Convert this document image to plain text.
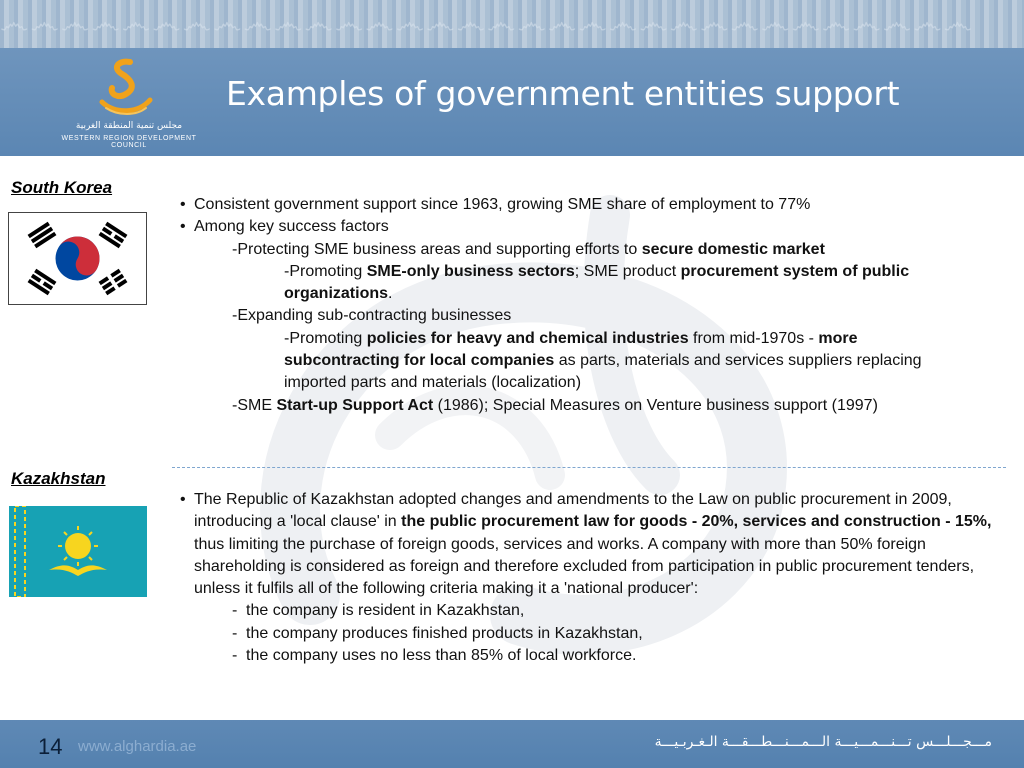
෴෴෴෴෴෴෴෴෴෴෴෴෴෴෴෴෴෴෴෴෴෴෴෴෴෴෴෴෴෴෴෴
مجلس تنمية المنطقة الغربية
WESTERN REGION DEVELOPMENT COUNCIL
Examples of government entities support
South Korea
• Consistent government support since 1963, growing SME share of employment to 77%
• Among key success factors
-Protecting SME business areas and supporting efforts to secure domestic market
-Promoting SME-only business sectors; SME product procurement system of public organizations.
-Expanding sub-contracting businesses
-Promoting policies for heavy and chemical industries from mid-1970s - more subcontracting for local companies as parts, materials and services suppliers replacing imported parts and materials (localization)
-SME Start-up Support Act (1986); Special Measures on Venture business support (1997)
Kazakhstan
• The Republic of Kazakhstan adopted changes and amendments to the Law on public procurement in 2009, introducing a 'local clause' in the public procurement law for goods - 20%, services and construction - 15%, thus limiting the purchase of foreign goods, services and works. A company with more than 50% foreign shareholding is considered as foreign and therefore excluded from participation in public procurement tenders, unless it fulfils all of the following criteria making it a 'national producer':
- the company is resident in Kazakhstan,
- the company produces finished products in Kazakhstan,
- the company uses no less than 85% of local workforce.
14 www.alghardia.ae	مـــجـــلـــس تـــنـــمـــيـــة الـــمـــنـــطـــقـــة الـغـربـيـــة
